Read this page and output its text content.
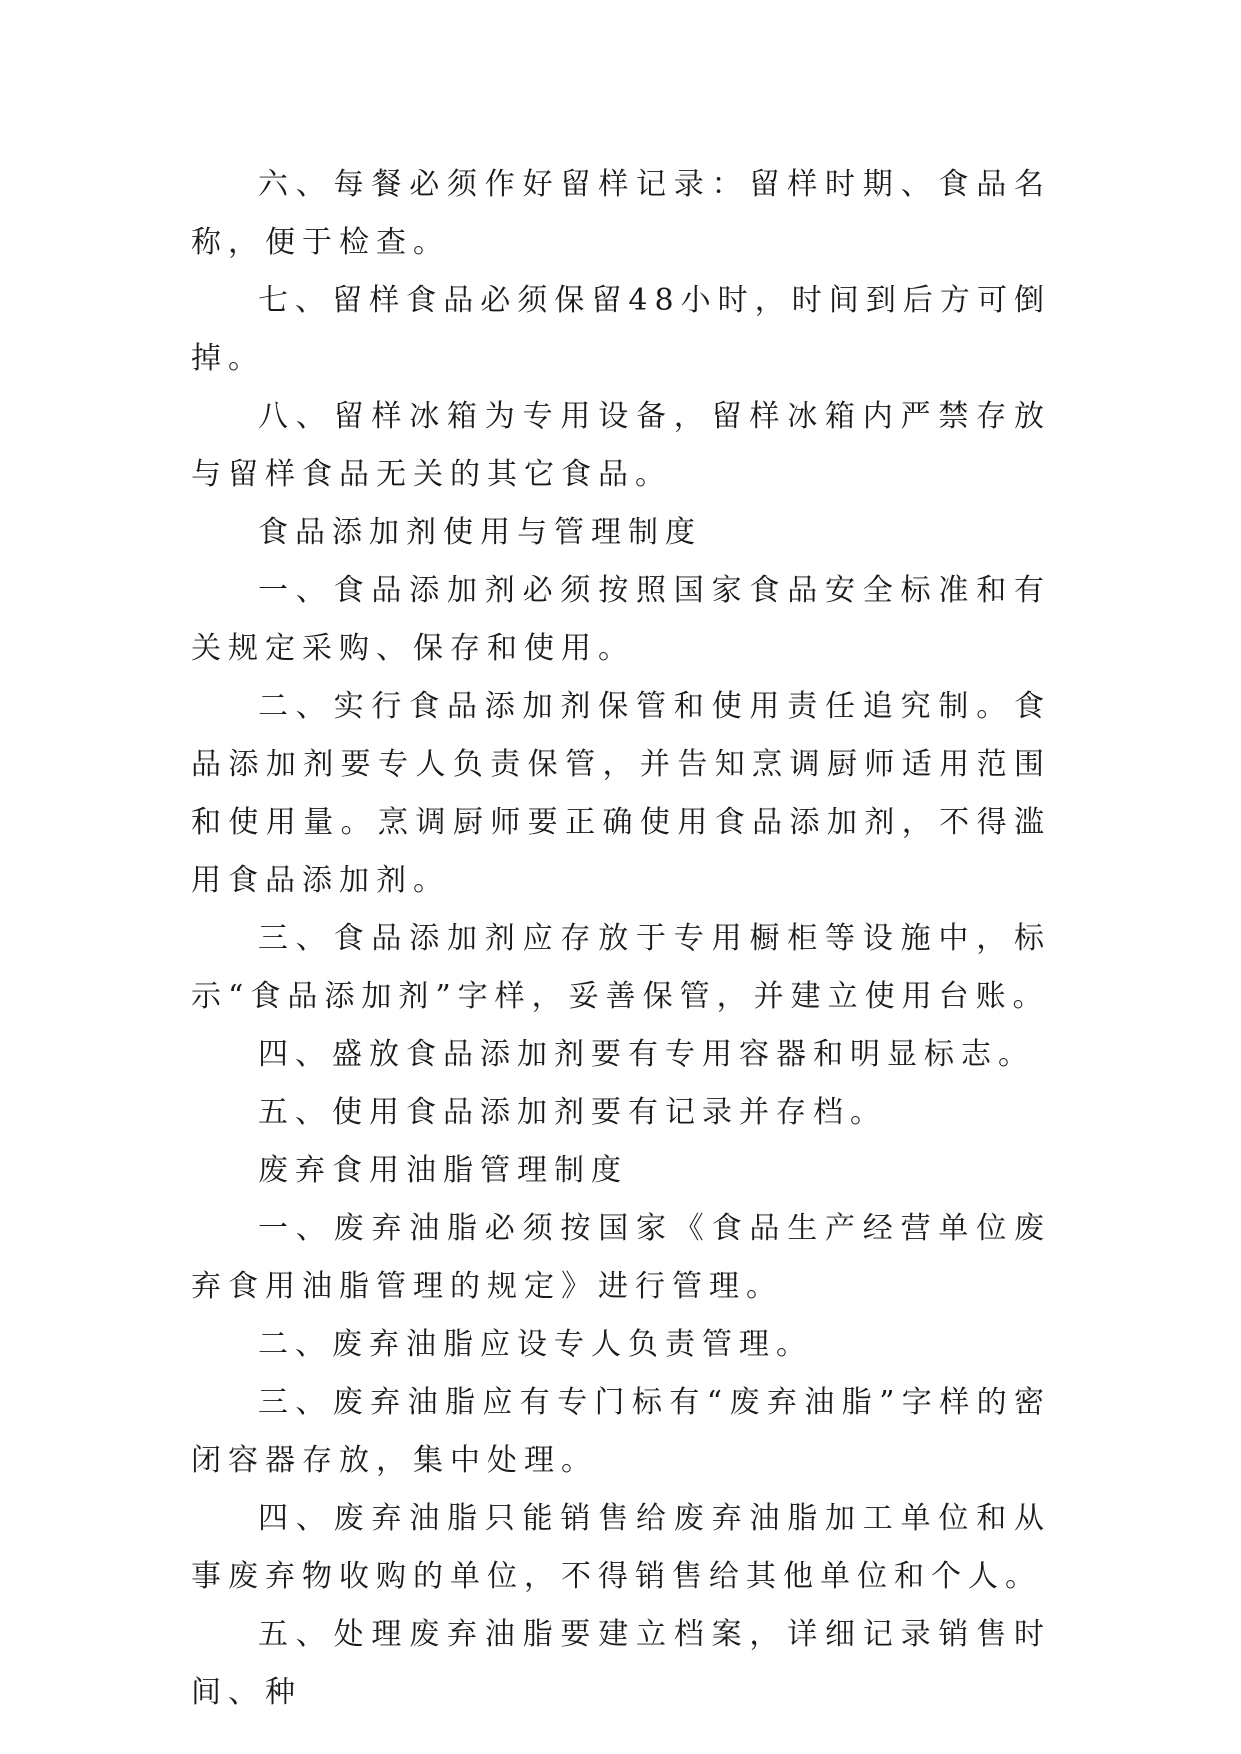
六、每餐必须作好留样记录：留样时期、食品名称，便于检查。

七、留样食品必须保留48小时，时间到后方可倒掉。

八、留样冰箱为专用设备，留样冰箱内严禁存放与留样食品无关的其它食品。

食品添加剂使用与管理制度

一、食品添加剂必须按照国家食品安全标准和有关规定采购、保存和使用。

二、实行食品添加剂保管和使用责任追究制。食品添加剂要专人负责保管，并告知烹调厨师适用范围和使用量。烹调厨师要正确使用食品添加剂，不得滥用食品添加剂。

三、食品添加剂应存放于专用橱柜等设施中，标示“食品添加剂”字样，妥善保管，并建立使用台账。

四、盛放食品添加剂要有专用容器和明显标志。

五、使用食品添加剂要有记录并存档。

废弃食用油脂管理制度

一、废弃油脂必须按国家《食品生产经营单位废弃食用油脂管理的规定》进行管理。

二、废弃油脂应设专人负责管理。

三、废弃油脂应有专门标有“废弃油脂”字样的密闭容器存放，集中处理。

四、废弃油脂只能销售给废弃油脂加工单位和从事废弃物收购的单位，不得销售给其他单位和个人。

五、处理废弃油脂要建立档案，详细记录销售时间、种
